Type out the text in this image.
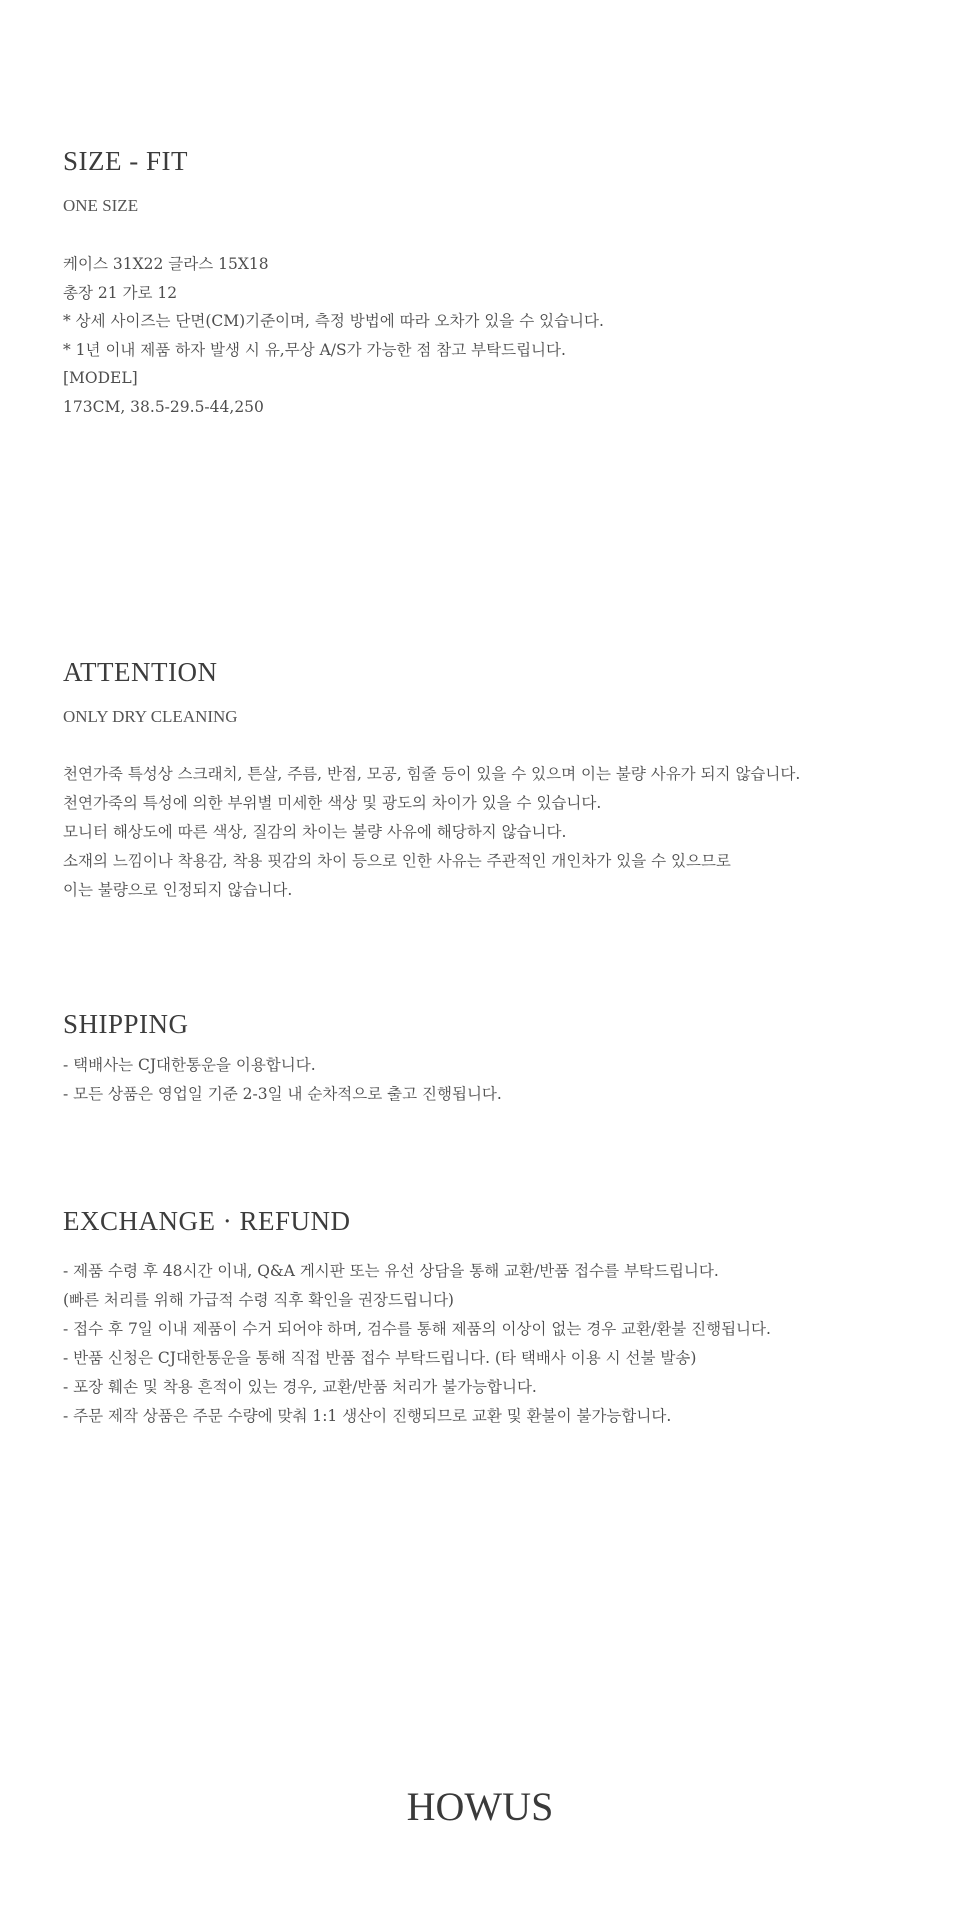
SIZE - FIT
ONE SIZE
케이스 31X22 글라스 15X18
총장 21 가로 12
* 상세 사이즈는 단면(CM)기준이며, 측정 방법에 따라 오차가 있을 수 있습니다.
* 1년 이내 제품 하자 발생 시 유,무상 A/S가 가능한 점 참고 부탁드립니다.
[MODEL]
173CM, 38.5-29.5-44,250
ATTENTION
ONLY DRY CLEANING
천연가죽 특성상 스크래치, 튼살, 주름, 반점, 모공, 힘줄 등이 있을 수 있으며 이는 불량 사유가 되지 않습니다.
천연가죽의 특성에 의한 부위별 미세한 색상 및 광도의 차이가 있을 수 있습니다.
모니터 해상도에 따른 색상, 질감의 차이는 불량 사유에 해당하지 않습니다.
소재의 느낌이나 착용감, 착용 핏감의 차이 등으로 인한 사유는 주관적인 개인차가 있을 수 있으므로
이는 불량으로 인정되지 않습니다.
SHIPPING
- 택배사는 CJ대한통운을 이용합니다.
- 모든 상품은 영업일 기준 2-3일 내 순차적으로 출고 진행됩니다.
EXCHANGE · REFUND
- 제품 수령 후 48시간 이내, Q&A 게시판 또는 유선 상담을 통해 교환/반품 접수를 부탁드립니다.
(빠른 처리를 위해 가급적 수령 직후 확인을 권장드립니다)
- 접수 후 7일 이내 제품이 수거 되어야 하며, 검수를 통해 제품의 이상이 없는 경우 교환/환불 진행됩니다.
- 반품 신청은 CJ대한통운을 통해 직접 반품 접수 부탁드립니다. (타 택배사 이용 시 선불 발송)
- 포장 훼손 및 착용 흔적이 있는 경우, 교환/반품 처리가 불가능합니다.
- 주문 제작 상품은 주문 수량에 맞춰 1:1 생산이 진행되므로 교환 및 환불이 불가능합니다.
HOWUS
